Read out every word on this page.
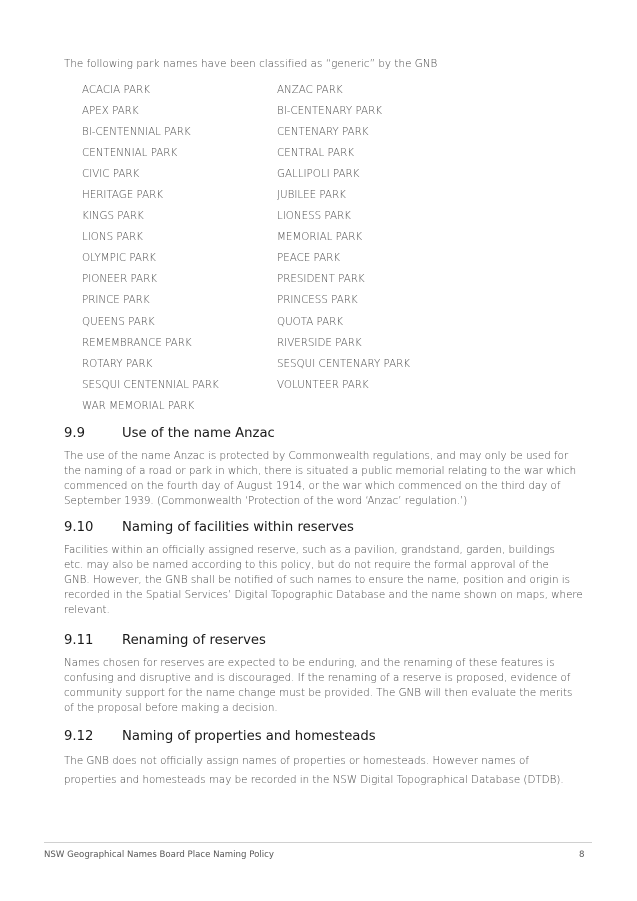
The following park names have been classified as “generic” by the GNB
ACACIA PARK	ANZAC PARK
APEX PARK	BI-CENTENARY PARK
BI-CENTENNIAL PARK	CENTENARY PARK
CENTENNIAL PARK	CENTRAL PARK
CIVIC PARK	GALLIPOLI PARK
HERITAGE PARK	JUBILEE PARK
KINGS PARK	LIONESS PARK
LIONS PARK	MEMORIAL PARK
OLYMPIC PARK	PEACE PARK
PIONEER PARK	PRESIDENT PARK
PRINCE PARK	PRINCESS PARK
QUEENS PARK	QUOTA PARK
REMEMBRANCE PARK	RIVERSIDE PARK
ROTARY PARK	SESQUI CENTENARY PARK
SESQUI CENTENNIAL PARK	VOLUNTEER PARK
WAR MEMORIAL PARK
9.9	Use of the name Anzac
The use of the name Anzac is protected by Commonwealth regulations, and may only be used for
the naming of a road or park in which, there is situated a public memorial relating to the war which
commenced on the fourth day of August 1914, or the war which commenced on the third day of
September 1939. (Commonwealth ‘Protection of the word ‘Anzac’ regulation.’)
9.10	Naming of facilities within reserves
Facilities within an officially assigned reserve, such as a pavilion, grandstand, garden, buildings
etc. may also be named according to this policy, but do not require the formal approval of the
GNB. However, the GNB shall be notified of such names to ensure the name, position and origin is
recorded in the Spatial Services’ Digital Topographic Database and the name shown on maps, where
relevant.
9.11	Renaming of reserves
Names chosen for reserves are expected to be enduring, and the renaming of these features is
confusing and disruptive and is discouraged. If the renaming of a reserve is proposed, evidence of
community support for the name change must be provided. The GNB will then evaluate the merits
of the proposal before making a decision.
9.12	Naming of properties and homesteads
The GNB does not officially assign names of properties or homesteads. However names of
properties and homesteads may be recorded in the NSW Digital Topographical Database (DTDB).
NSW Geographical Names Board Place Naming Policy	8
